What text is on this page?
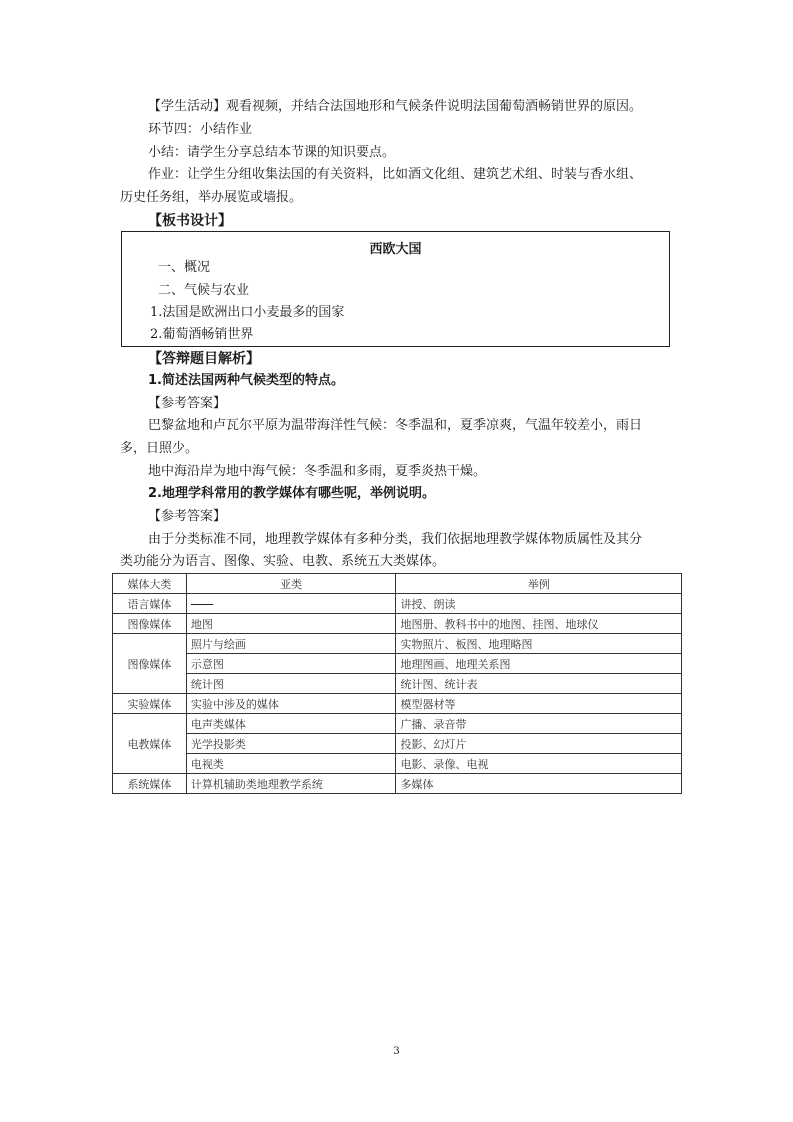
【学生活动】观看视频，并结合法国地形和气候条件说明法国葡萄酒畅销世界的原因。
环节四：小结作业
小结：请学生分享总结本节课的知识要点。
作业：让学生分组收集法国的有关资料，比如酒文化组、建筑艺术组、时装与香水组、
历史任务组，举办展览或墙报。
【板书设计】
西欧大国
一、概况
二、气候与农业
1.法国是欧洲出口小麦最多的国家
2.葡萄酒畅销世界
【答辩题目解析】
1.简述法国两种气候类型的特点。
【参考答案】
巴黎盆地和卢瓦尔平原为温带海洋性气候：冬季温和，夏季凉爽，气温年较差小，雨日
多，日照少。
地中海沿岸为地中海气候：冬季温和多雨，夏季炎热干燥。
2.地理学科常用的教学媒体有哪些呢，举例说明。
【参考答案】
由于分类标准不同，地理教学媒体有多种分类，我们依据地理教学媒体物质属性及其分
类功能分为语言、图像、实验、电教、系统五大类媒体。
媒体大类	亚类	举例
语言媒体		讲授、朗读
图像媒体	地图	地图册、教科书中的地图、挂图、地球仪
图像媒体	照片与绘画	实物照片、板图、地理略图
	示意图	地理图画、地理关系图
	统计图	统计图、统计表
实验媒体	实验中涉及的媒体	模型器材等
电教媒体	电声类媒体	广播、录音带
	光学投影类	投影、幻灯片
	电视类	电影、录像、电视
系统媒体	计算机辅助类地理教学系统	多媒体
3
